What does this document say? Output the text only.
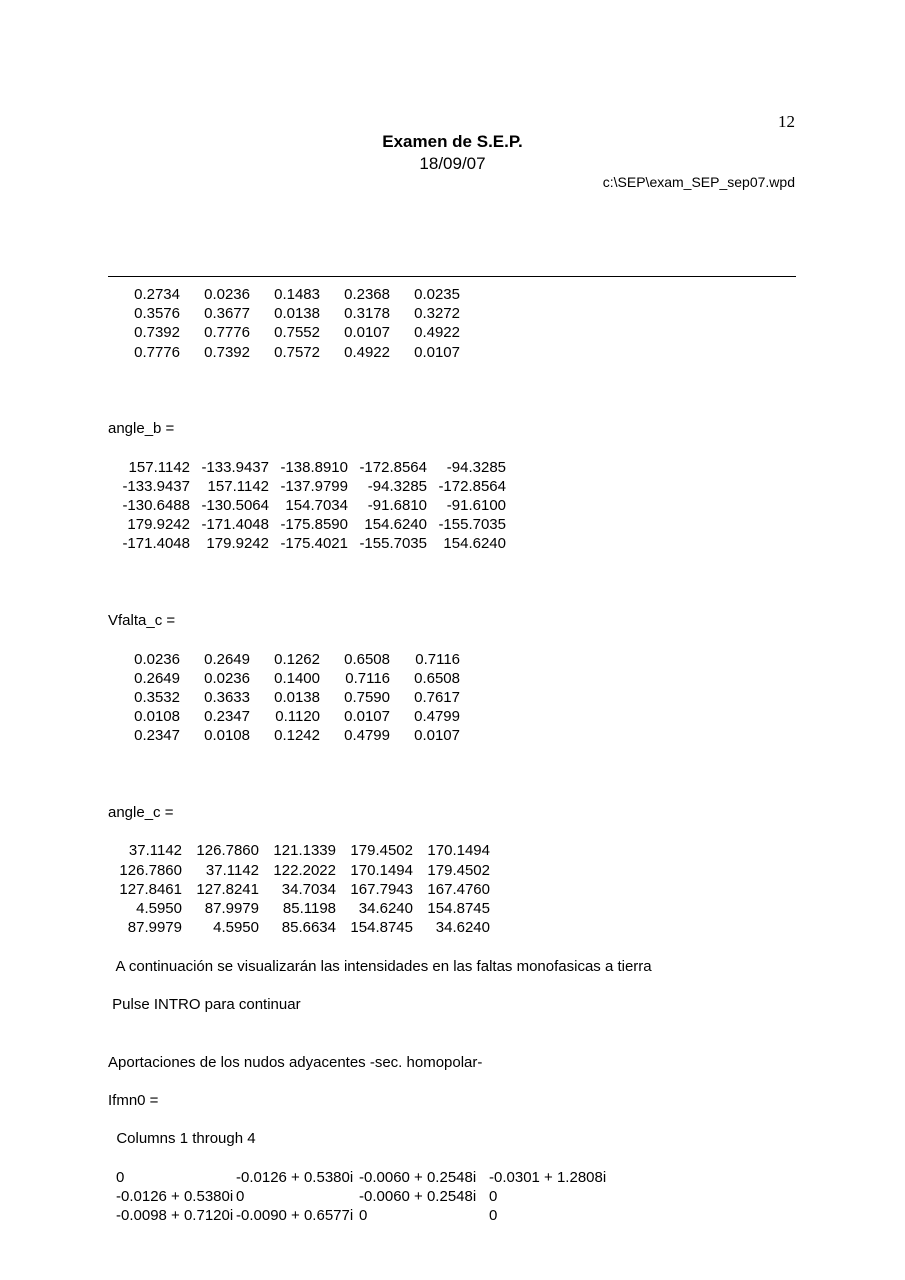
12
Examen de S.E.P.
18/09/07
c:\SEP\exam_SEP_sep07.wpd
0.2734 0.0236 0.1483 0.2368 0.0235
0.3576 0.3677 0.0138 0.3178 0.3272
0.7392 0.7776 0.7552 0.0107 0.4922
0.7776 0.7392 0.7572 0.4922 0.0107
angle_b =
157.1142 -133.9437 -138.8910 -172.8564 -94.3285
-133.9437 157.1142 -137.9799 -94.3285 -172.8564
-130.6488 -130.5064 154.7034 -91.6810 -91.6100
179.9242 -171.4048 -175.8590 154.6240 -155.7035
-171.4048 179.9242 -175.4021 -155.7035 154.6240
Vfalta_c =
0.0236 0.2649 0.1262 0.6508 0.7116
0.2649 0.0236 0.1400 0.7116 0.6508
0.3532 0.3633 0.0138 0.7590 0.7617
0.0108 0.2347 0.1120 0.0107 0.4799
0.2347 0.0108 0.1242 0.4799 0.0107
angle_c =
37.1142 126.7860 121.1339 179.4502 170.1494
126.7860 37.1142 122.2022 170.1494 179.4502
127.8461 127.8241 34.7034 167.7943 167.4760
4.5950 87.9979 85.1198 34.6240 154.8745
87.9979 4.5950 85.6634 154.8745 34.6240
A continuación se visualizarán las intensidades en las faltas monofasicas a tierra
Pulse INTRO para continuar
Aportaciones de los nudos adyacentes -sec. homopolar-
Ifmn0 =
Columns 1 through 4
0	-0.0126 + 0.5380i -0.0060 + 0.2548i -0.0301 + 1.2808i
-0.0126 + 0.5380i 0	-0.0060 + 0.2548i 0
-0.0098 + 0.7120i -0.0090 + 0.6577i 0	0
